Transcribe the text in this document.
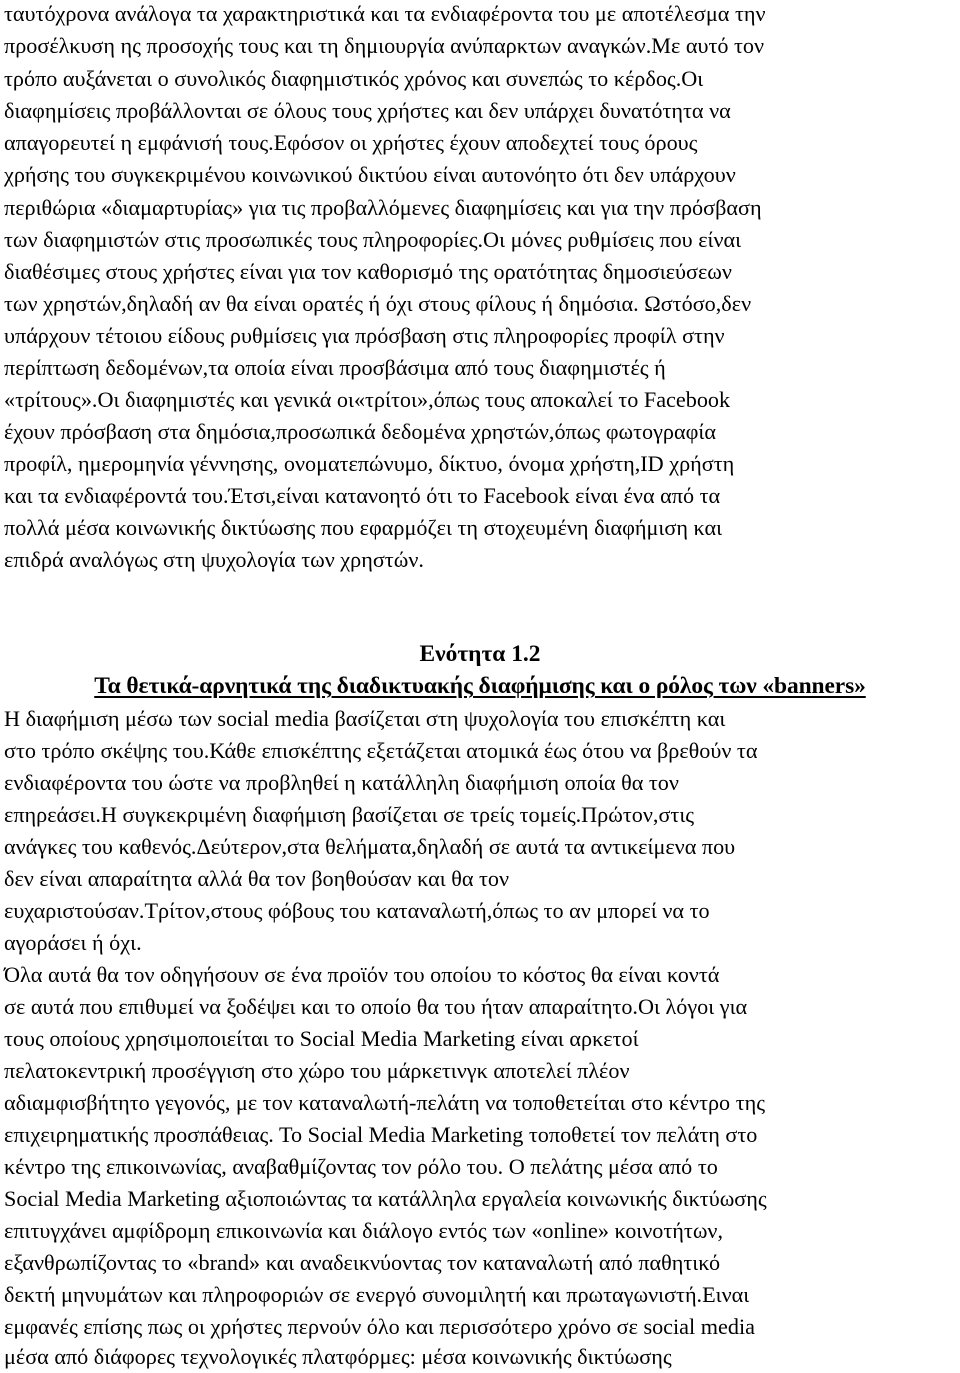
ταυτόχρονα ανάλογα τα χαρακτηριστικά και τα ενδιαφέροντα του με αποτέλεσμα την
προσέλκυση ης προσοχής τους και τη δημιουργία ανύπαρκτων αναγκών.Με αυτό τον
τρόπο αυξάνεται ο συνολικός διαφημιστικός χρόνος και συνεπώς το κέρδος.Οι
διαφημίσεις προβάλλονται σε όλους τους χρήστες και δεν υπάρχει δυνατότητα να
απαγορευτεί η εμφάνισή τους.Εφόσον οι χρήστες έχουν αποδεχτεί τους όρους
χρήσης του συγκεκριμένου κοινωνικού δικτύου είναι αυτονόητο ότι δεν υπάρχουν
περιθώρια «διαμαρτυρίας» για τις προβαλλόμενες διαφημίσεις και για την πρόσβαση
των διαφημιστών στις προσωπικές τους πληροφορίες.Οι μόνες ρυθμίσεις που είναι
διαθέσιμες στους χρήστες είναι για τον καθορισμό της ορατότητας δημοσιεύσεων
των χρηστών,δηλαδή αν θα είναι ορατές ή όχι στους φίλους ή δημόσια. Ωστόσο,δεν
υπάρχουν τέτοιου είδους ρυθμίσεις για πρόσβαση στις πληροφορίες προφίλ στην
περίπτωση δεδομένων,τα οποία είναι προσβάσιμα από τους διαφημιστές ή
«τρίτους».Οι διαφημιστές και γενικά οι«τρίτοι»,όπως τους αποκαλεί το Facebook
έχουν πρόσβαση στα δημόσια,προσωπικά δεδομένα χρηστών,όπως φωτογραφία
προφίλ, ημερομηνία γέννησης, ονοματεπώνυμο, δίκτυο, όνομα χρήστη,ID χρήστη
και τα ενδιαφέροντά του.Έτσι,είναι κατανοητό ότι το Facebook είναι ένα από τα
πολλά μέσα κοινωνικής δικτύωσης που εφαρμόζει τη στοχευμένη διαφήμιση και
επιδρά αναλόγως στη ψυχολογία των χρηστών.
Ενότητα 1.2
Τα θετικά-αρνητικά της διαδικτυακής διαφήμισης και ο ρόλος των «banners»
Η διαφήμιση μέσω των social media βασίζεται στη ψυχολογία του επισκέπτη και
στο τρόπο σκέψης του.Κάθε επισκέπτης εξετάζεται ατομικά έως ότου να βρεθούν τα
ενδιαφέροντα του ώστε να προβληθεί η κατάλληλη διαφήμιση οποία θα τον
επηρεάσει.Η συγκεκριμένη διαφήμιση βασίζεται σε τρείς τομείς.Πρώτον,στις
ανάγκες του καθενός.Δεύτερον,στα θελήματα,δηλαδή σε αυτά τα αντικείμενα που
δεν είναι απαραίτητα αλλά θα τον βοηθούσαν και θα τον
ευχαριστούσαν.Τρίτον,στους φόβους του καταναλωτή,όπως το αν μπορεί να το
αγοράσει ή όχι.
Όλα αυτά θα τον οδηγήσουν σε ένα προϊόν του οποίου το κόστος θα είναι κοντά
σε αυτά που επιθυμεί να ξοδέψει και το οποίο θα του ήταν απαραίτητο.Οι λόγοι για
τους οποίους χρησιμοποιείται το Social Media Marketing είναι αρκετοί
πελατοκεντρική προσέγγιση στο χώρο του μάρκετινγκ αποτελεί πλέον
αδιαμφισβήτητο γεγονός, με τον καταναλωτή-πελάτη να τοποθετείται στο κέντρο της
επιχειρηματικής προσπάθειας. Το Social Media Marketing τοποθετεί τον πελάτη στο
κέντρο της επικοινωνίας, αναβαθμίζοντας τον ρόλο του. Ο πελάτης μέσα από το
Social Media Marketing αξιοποιώντας τα κατάλληλα εργαλεία κοινωνικής δικτύωσης
επιτυγχάνει αμφίδρομη επικοινωνία και διάλογο εντός των «online» κοινοτήτων,
εξανθρωπίζοντας το «brand» και αναδεικνύοντας τον καταναλωτή από παθητικό
δεκτή μηνυμάτων και πληροφοριών σε ενεργό συνομιλητή και πρωταγωνιστή.Ειναι
εμφανές επίσης πως οι χρήστες περνούν όλο και περισσότερο χρόνο σε social media
μέσα από διάφορες τεχνολογικές πλατφόρμες: μέσα κοινωνικής δικτύωσης
